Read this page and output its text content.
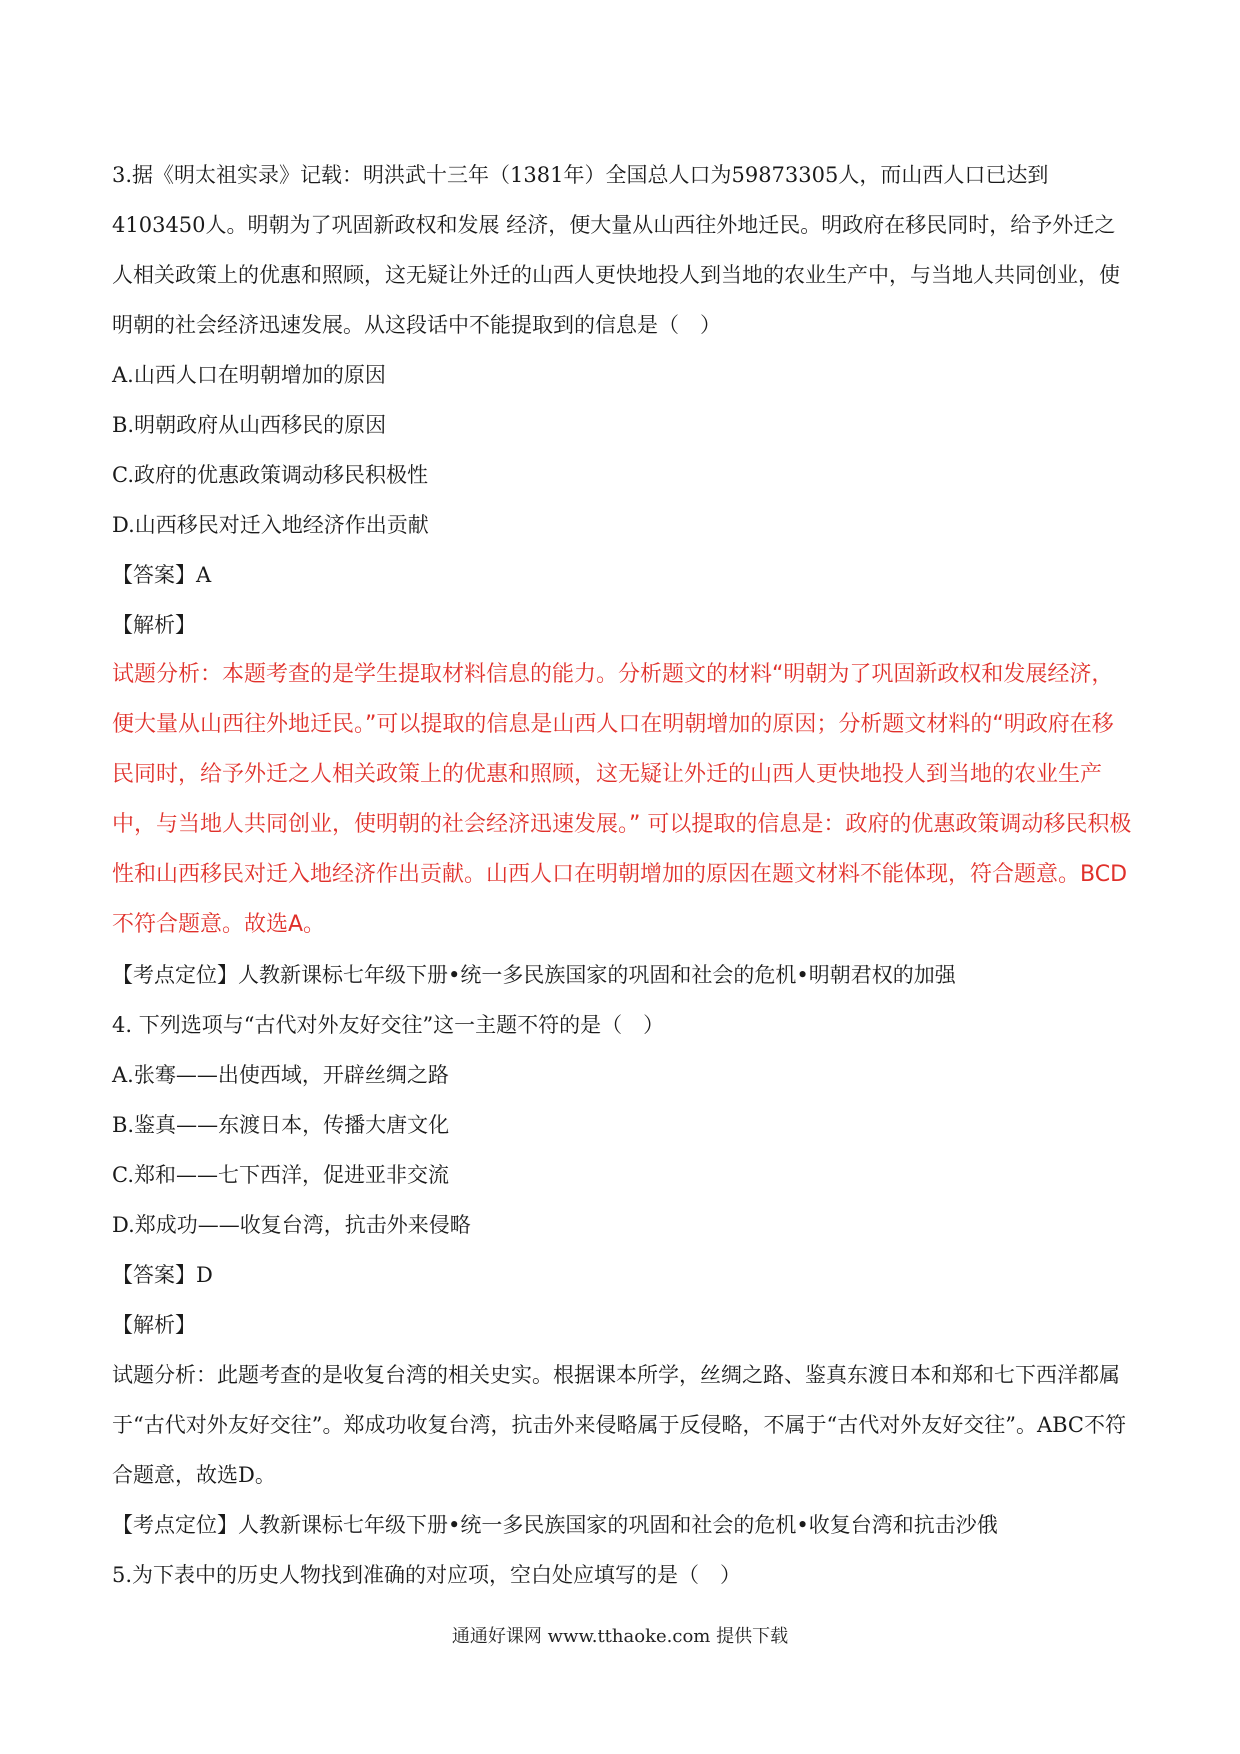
3.据《明太祖实录》记载：明洪武十三年（1381年）全国总人口为59873305人，而山西人口已达到4103450人。明朝为了巩固新政权和发展 经济，便大量从山西往外地迁民。明政府在移民同时，给予外迁之人相关政策上的优惠和照顾，这无疑让外迁的山西人更快地投人到当地的农业生产中，与当地人共同创业，使明朝的社会经济迅速发展。从这段话中不能提取到的信息是（　）

A.山西人口在明朝增加的原因

B.明朝政府从山西移民的原因

C.政府的优惠政策调动移民积极性

D.山西移民对迁入地经济作出贡献

【答案】A

【解析】

试题分析：本题考查的是学生提取材料信息的能力。分析题文的材料“明朝为了巩固新政权和发展经济，便大量从山西往外地迁民。”可以提取的信息是山西人口在明朝增加的原因；分析题文材料的“明政府在移民同时，给予外迁之人相关政策上的优惠和照顾，这无疑让外迁的山西人更快地投人到当地的农业生产中，与当地人共同创业，使明朝的社会经济迅速发展。” 可以提取的信息是：政府的优惠政策调动移民积极性和山西移民对迁入地经济作出贡献。山西人口在明朝增加的原因在题文材料不能体现，符合题意。BCD不符合题意。故选A。

【考点定位】人教新课标七年级下册•统一多民族国家的巩固和社会的危机•明朝君权的加强

4. 下列选项与“古代对外友好交往”这一主题不符的是（　）

A.张骞——出使西域，开辟丝绸之路

B.鉴真——东渡日本，传播大唐文化

C.郑和——七下西洋，促进亚非交流

D.郑成功——收复台湾，抗击外来侵略

【答案】D

【解析】

试题分析：此题考查的是收复台湾的相关史实。根据课本所学，丝绸之路、鉴真东渡日本和郑和七下西洋都属于“古代对外友好交往”。郑成功收复台湾，抗击外来侵略属于反侵略，不属于“古代对外友好交往”。ABC不符合题意，故选D。

【考点定位】人教新课标七年级下册•统一多民族国家的巩固和社会的危机•收复台湾和抗击沙俄

5.为下表中的历史人物找到准确的对应项，空白处应填写的是（　）

通通好课网 www.tthaoke.com 提供下载
